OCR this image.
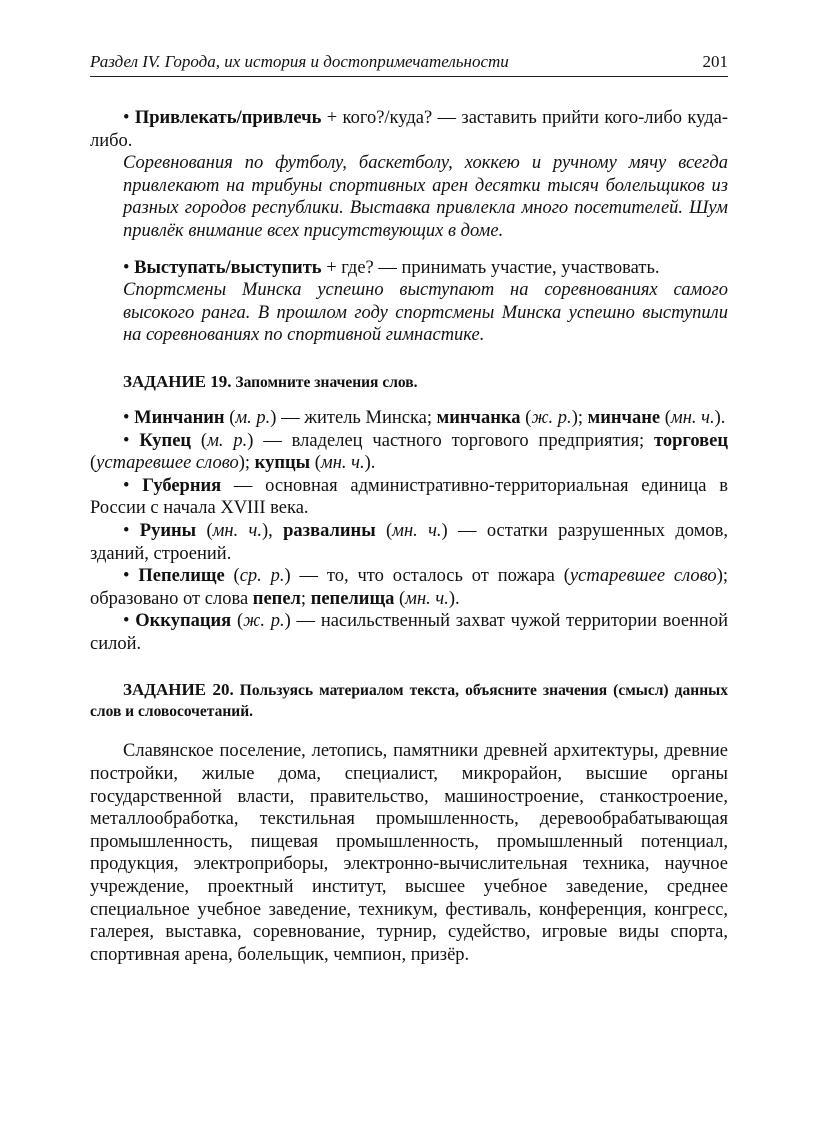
Раздел IV. Города, их история и достопримечательности	201

• Привлекать/привлечь + кого?/куда? — заставить прийти кого-либо куда-либо.

Соревнования по футболу, баскетболу, хоккею и ручному мячу всегда привлекают на трибуны спортивных арен десятки тысяч болельщиков из разных городов республики. Выставка привлекла много посетителей. Шум привлёк внимание всех присутствующих в доме.

• Выступать/выступить + где? — принимать участие, участвовать.

Спортсмены Минска успешно выступают на соревнованиях самого высокого ранга. В прошлом году спортсмены Минска успешно выступили на соревнованиях по спортивной гимнастике.

ЗАДАНИЕ 19. Запомните значения слов.

• Минчанин (м. р.) — житель Минска; минчанка (ж. р.); минчане (мн. ч.).

• Купец (м. р.) — владелец частного торгового предприятия; торговец (устаревшее слово); купцы (мн. ч.).

• Губерния — основная административно-территориальная единица в России с начала XVIII века.

• Руины (мн. ч.), развалины (мн. ч.) — остатки разрушенных домов, зданий, строений.

• Пепелище (ср. р.) — то, что осталось от пожара (устаревшее слово); образовано от слова пепел; пепелища (мн. ч.).

• Оккупация (ж. р.) — насильственный захват чужой территории военной силой.

ЗАДАНИЕ 20. Пользуясь материалом текста, объясните значения (смысл) данных слов и словосочетаний.

Славянское поселение, летопись, памятники древней архитектуры, древние постройки, жилые дома, специалист, микрорайон, высшие органы государственной власти, правительство, машиностроение, станкостроение, металлообработка, текстильная промышленность, деревообрабатывающая промышленность, пищевая промышленность, промышленный потенциал, продукция, электроприборы, электронно-вычислительная техника, научное учреждение, проектный институт, высшее учебное заведение, среднее специальное учебное заведение, техникум, фестиваль, конференция, конгресс, галерея, выставка, соревнование, турнир, судейство, игровые виды спорта, спортивная арена, болельщик, чемпион, призёр.
